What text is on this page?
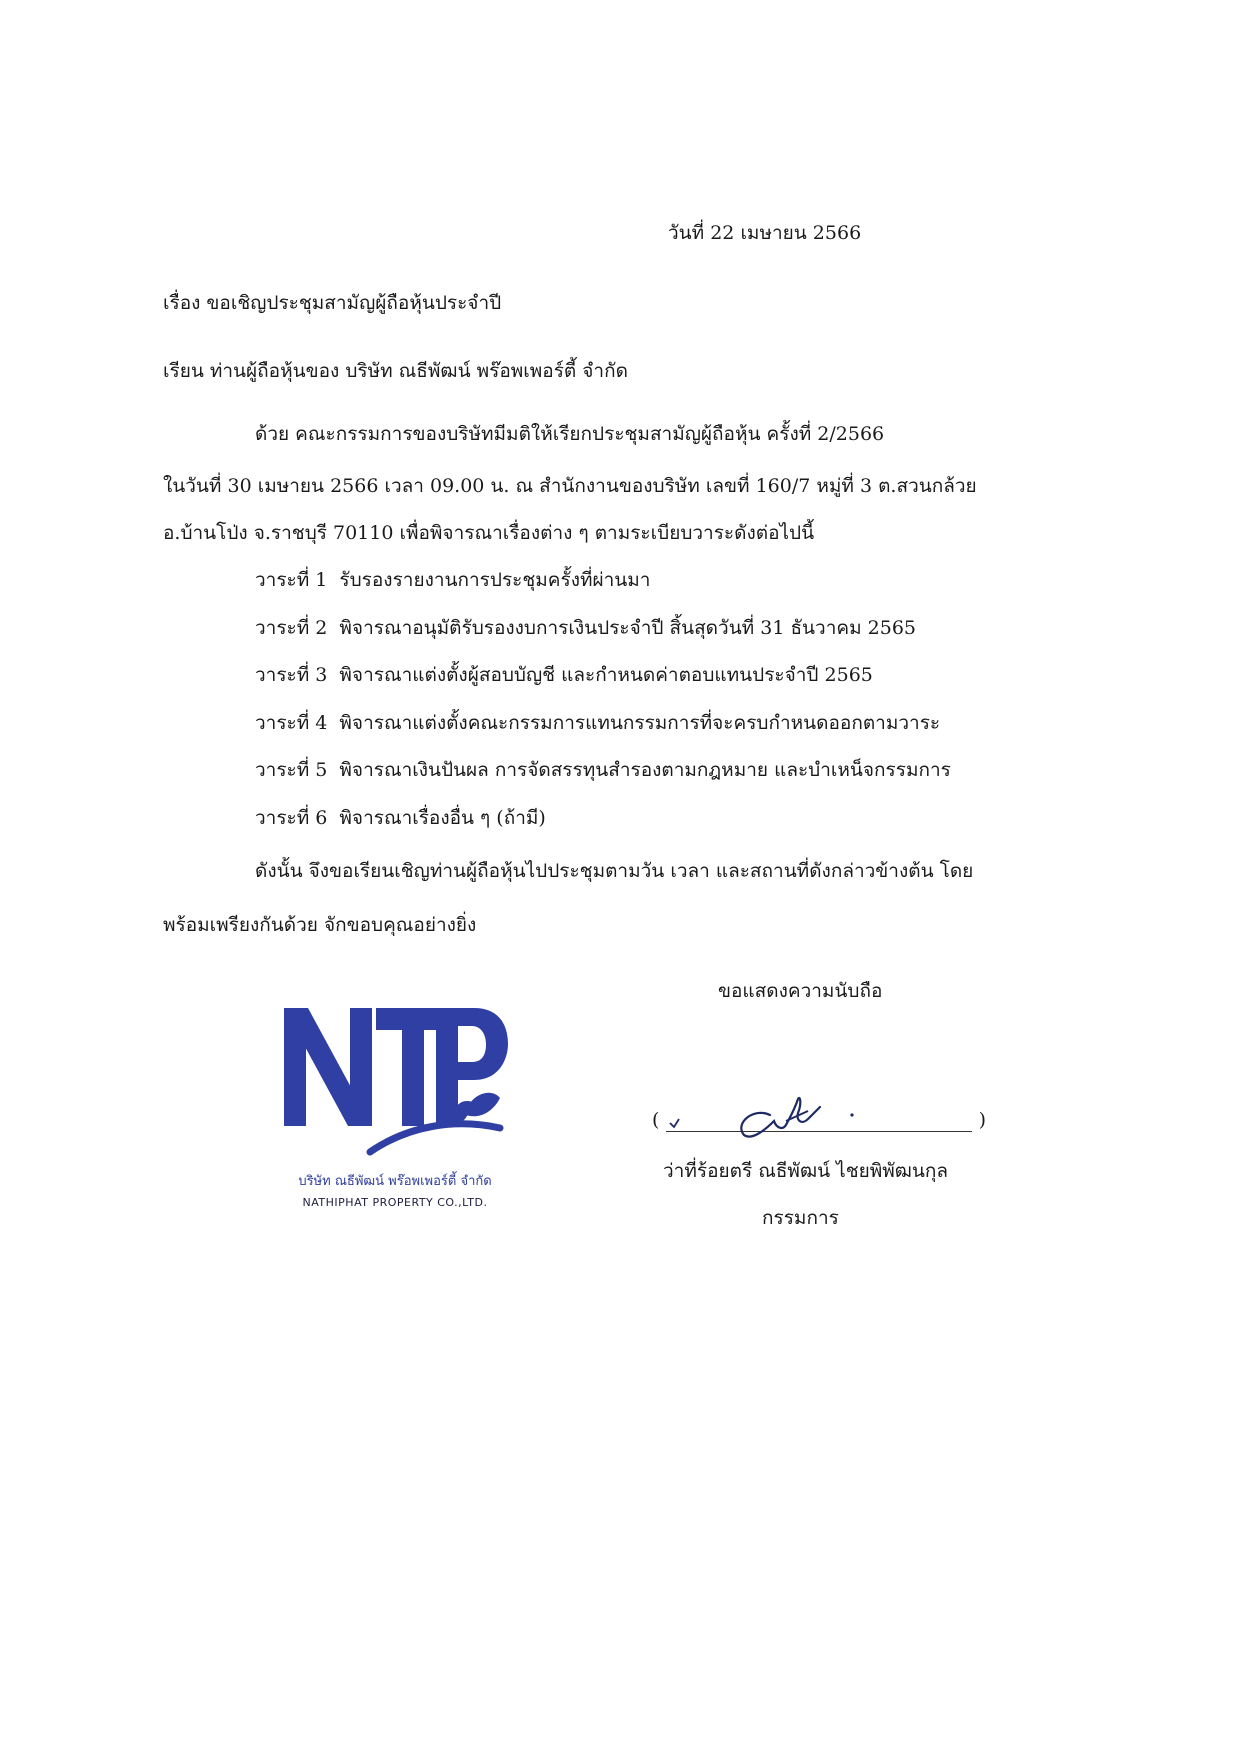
วันที่ 22 เมษายน 2566
เรื่อง ขอเชิญประชุมสามัญผู้ถือหุ้นประจำปี
เรียน ท่านผู้ถือหุ้นของ บริษัท ณธีพัฒน์ พร๊อพเพอร์ตี้ จำกัด
ด้วย คณะกรรมการของบริษัทมีมติให้เรียกประชุมสามัญผู้ถือหุ้น ครั้งที่ 2/2566
ในวันที่ 30 เมษายน 2566 เวลา 09.00 น. ณ สำนักงานของบริษัท เลขที่ 160/7 หมู่ที่ 3 ต.สวนกล้วย
อ.บ้านโป่ง จ.ราชบุรี 70110 เพื่อพิจารณาเรื่องต่าง ๆ ตามระเบียบวาระดังต่อไปนี้
วาระที่ 1 รับรองรายงานการประชุมครั้งที่ผ่านมา
วาระที่ 2 พิจารณาอนุมัติรับรองงบการเงินประจำปี สิ้นสุดวันที่ 31 ธันวาคม 2565
วาระที่ 3 พิจารณาแต่งตั้งผู้สอบบัญชี และกำหนดค่าตอบแทนประจำปี 2565
วาระที่ 4 พิจารณาแต่งตั้งคณะกรรมการแทนกรรมการที่จะครบกำหนดออกตามวาระ
วาระที่ 5 พิจารณาเงินปันผล การจัดสรรทุนสำรองตามกฎหมาย และบำเหน็จกรรมการ
วาระที่ 6 พิจารณาเรื่องอื่น ๆ (ถ้ามี)
ดังนั้น จึงขอเรียนเชิญท่านผู้ถือหุ้นไปประชุมตามวัน เวลา และสถานที่ดังกล่าวข้างต้น โดย
พร้อมเพรียงกันด้วย จักขอบคุณอย่างยิ่ง
ขอแสดงความนับถือ
บริษัท ณธีพัฒน์ พร๊อพเพอร์ตี้ จำกัด
NATHIPHAT PROPERTY CO.,LTD.
(	)
ว่าที่ร้อยตรี ณธีพัฒน์ ไชยพิพัฒนกุล
กรรมการ
